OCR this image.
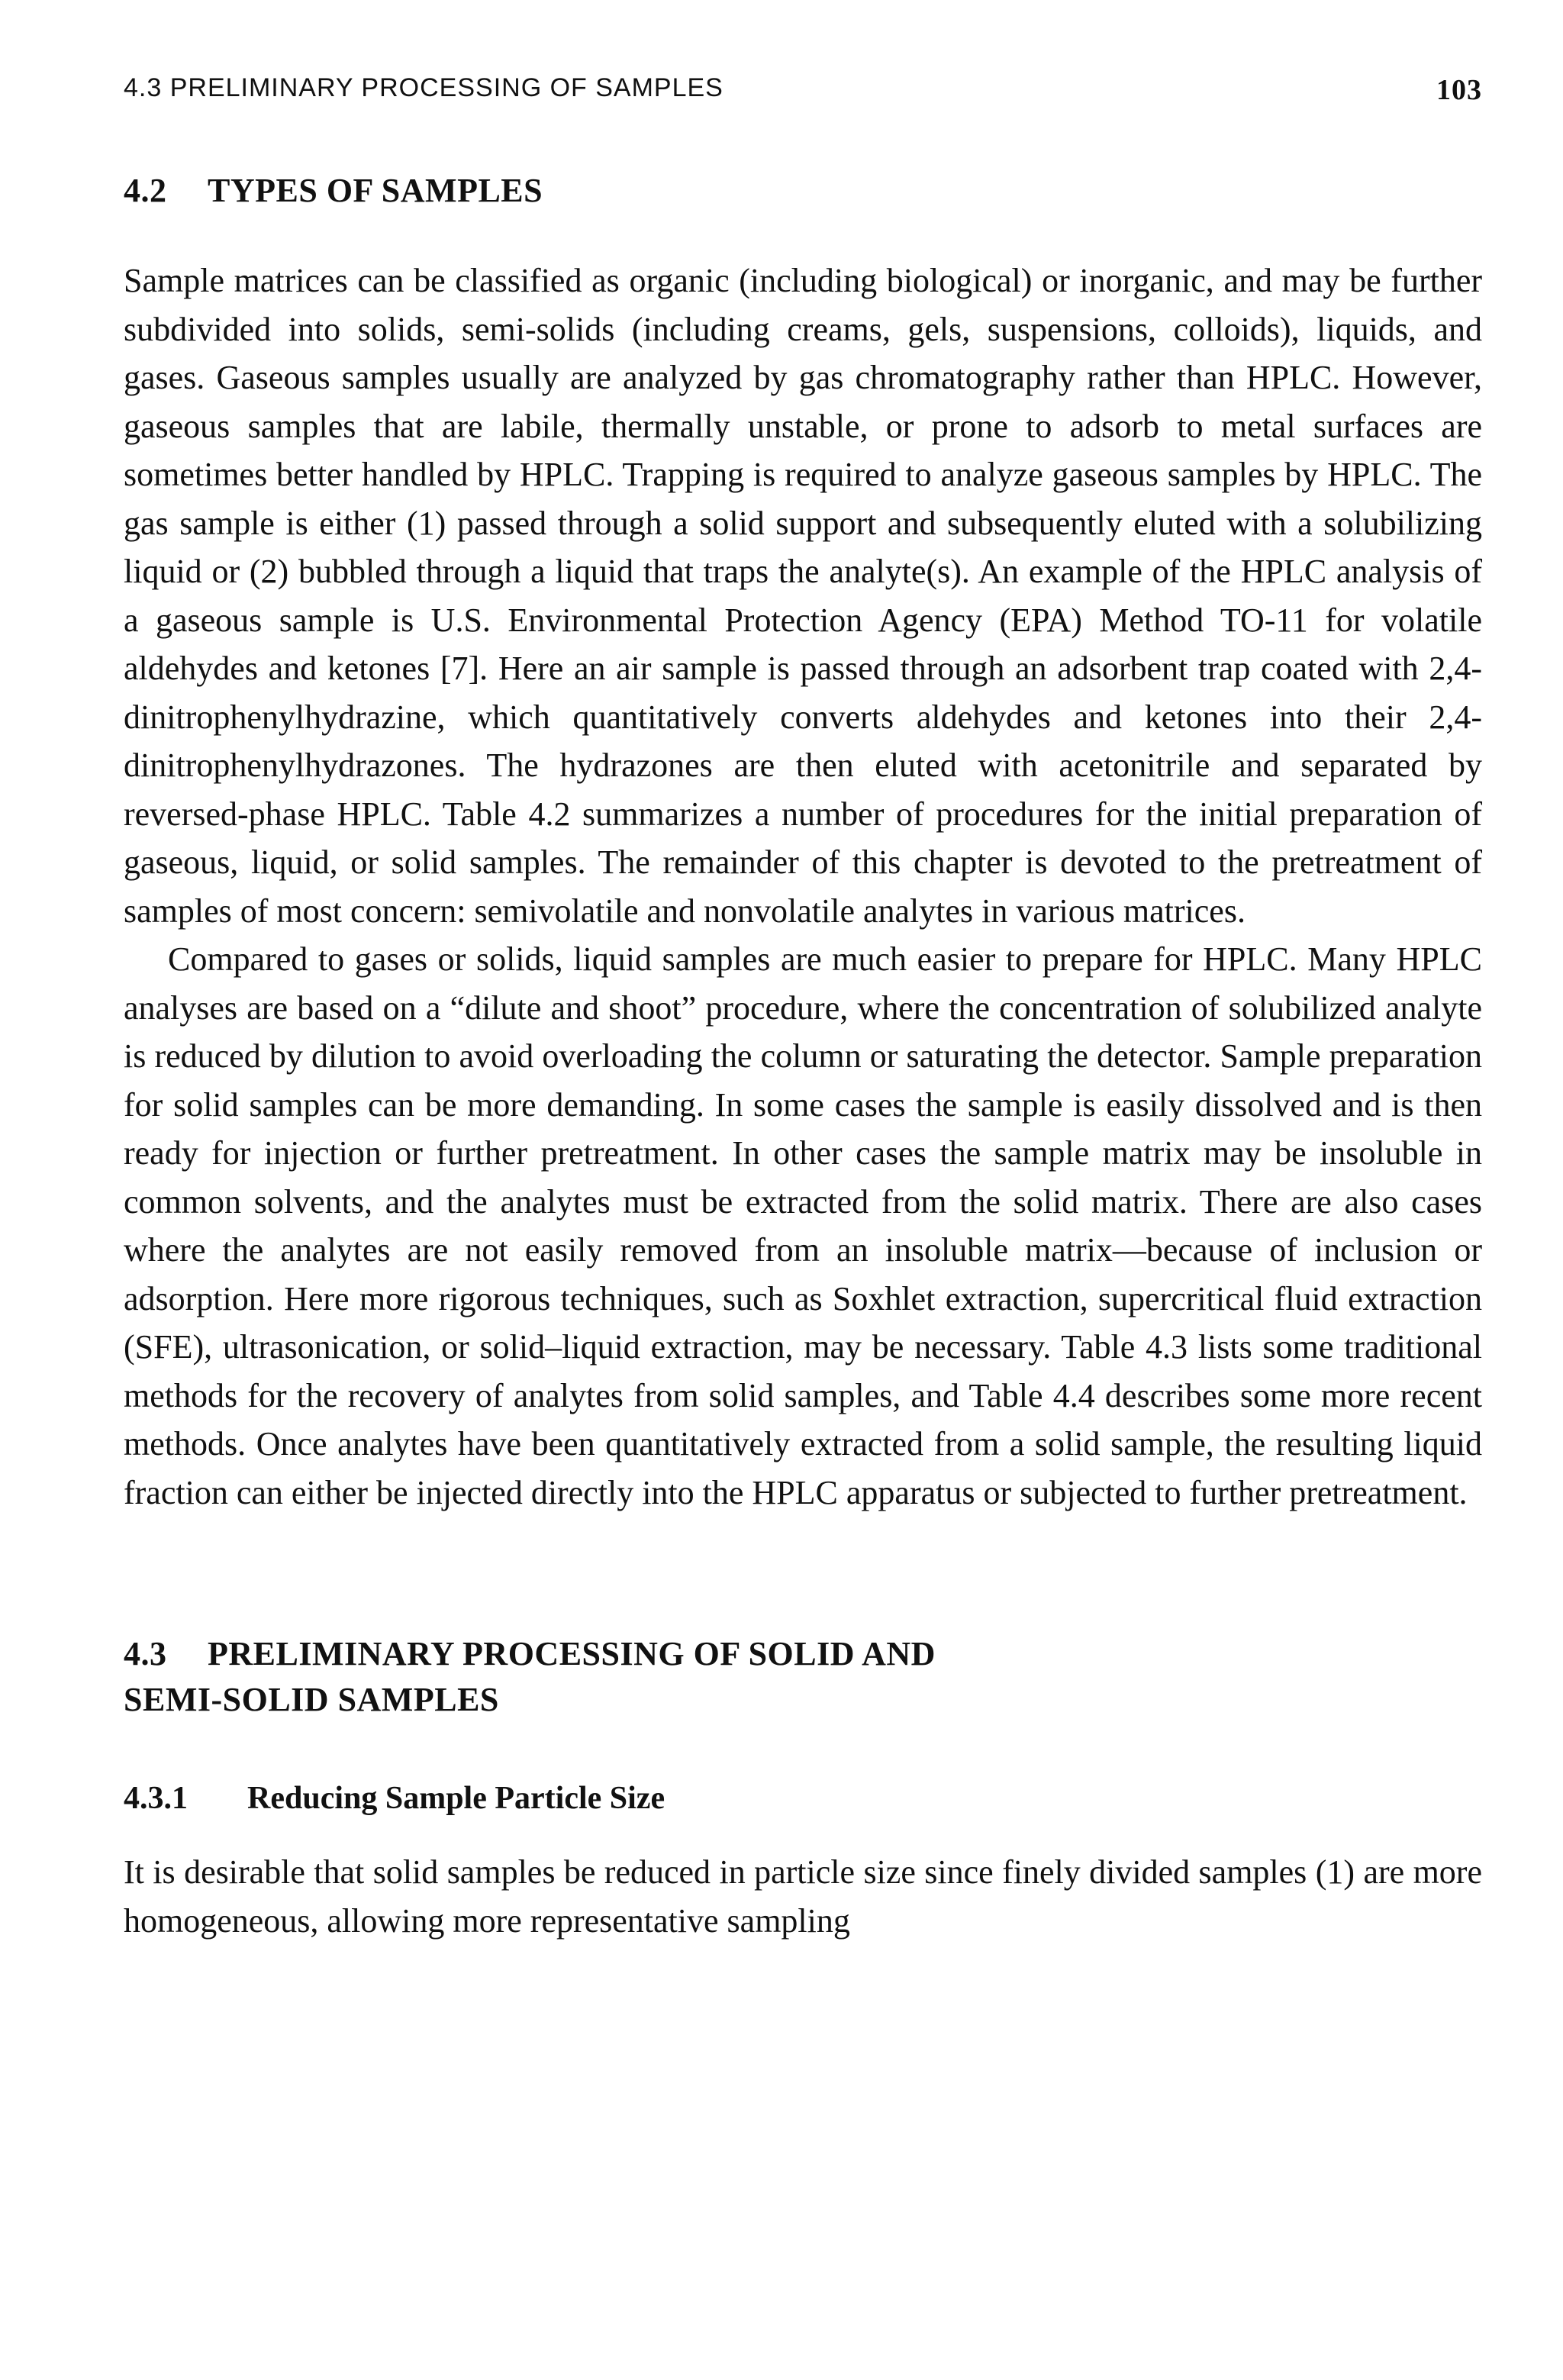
4.3 PRELIMINARY PROCESSING OF SAMPLES	103
4.2 TYPES OF SAMPLES

Sample matrices can be classified as organic (including biological) or inorganic, and may be further subdivided into solids, semi-solids (including creams, gels, suspensions, colloids), liquids, and gases. Gaseous samples usually are analyzed by gas chromatography rather than HPLC. However, gaseous samples that are labile, thermally unstable, or prone to adsorb to metal surfaces are sometimes better handled by HPLC. Trapping is required to analyze gaseous samples by HPLC. The gas sample is either (1) passed through a solid support and subsequently eluted with a solubilizing liquid or (2) bubbled through a liquid that traps the analyte(s). An example of the HPLC analysis of a gaseous sample is U.S. Environmental Protection Agency (EPA) Method TO-11 for volatile aldehydes and ketones [7]. Here an air sample is passed through an adsorbent trap coated with 2,4-dinitrophenylhydrazine, which quantitatively converts aldehydes and ketones into their 2,4-dinitrophenylhydrazones. The hydrazones are then eluted with acetonitrile and separated by reversed-phase HPLC. Table 4.2 summarizes a number of procedures for the initial preparation of gaseous, liquid, or solid samples. The remainder of this chapter is devoted to the pretreatment of samples of most concern: semivolatile and nonvolatile analytes in various matrices.

Compared to gases or solids, liquid samples are much easier to prepare for HPLC. Many HPLC analyses are based on a “dilute and shoot” procedure, where the concentration of solubilized analyte is reduced by dilution to avoid overloading the column or saturating the detector. Sample preparation for solid samples can be more demanding. In some cases the sample is easily dissolved and is then ready for injection or further pretreatment. In other cases the sample matrix may be insoluble in common solvents, and the analytes must be extracted from the solid matrix. There are also cases where the analytes are not easily removed from an insoluble matrix—because of inclusion or adsorption. Here more rigorous techniques, such as Soxhlet extraction, supercritical fluid extraction (SFE), ultrasonication, or solid–liquid extraction, may be necessary. Table 4.3 lists some traditional methods for the recovery of analytes from solid samples, and Table 4.4 describes some more recent methods. Once analytes have been quantitatively extracted from a solid sample, the resulting liquid fraction can either be injected directly into the HPLC apparatus or subjected to further pretreatment.

4.3 PRELIMINARY PROCESSING OF SOLID AND
SEMI-SOLID SAMPLES
4.3.1 Reducing Sample Particle Size

It is desirable that solid samples be reduced in particle size since finely divided samples (1) are more homogeneous, allowing more representative sampling
